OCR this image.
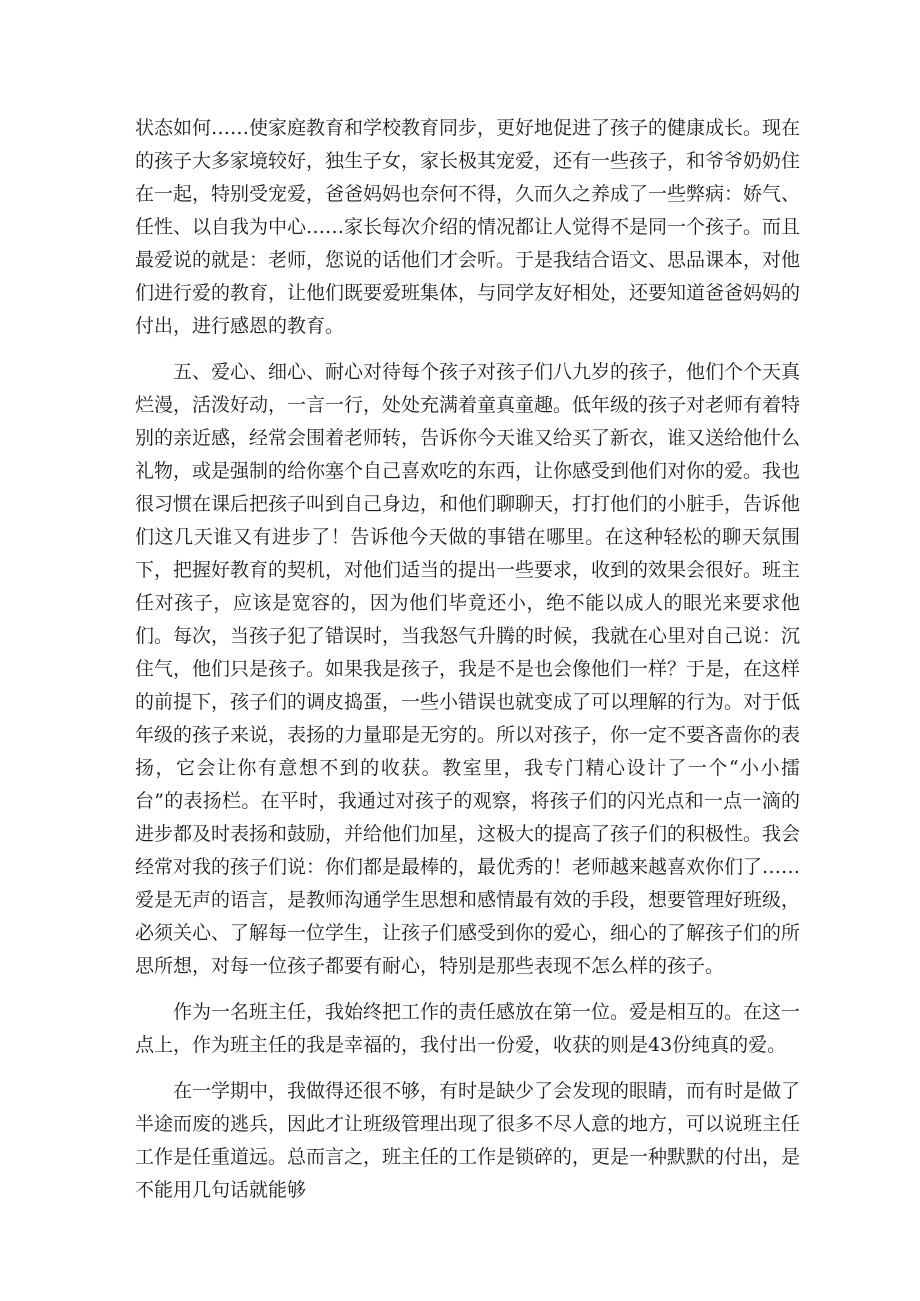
状态如何……使家庭教育和学校教育同步，更好地促进了孩子的健康成长。现在的孩子大多家境较好，独生子女，家长极其宠爱，还有一些孩子，和爷爷奶奶住在一起，特别受宠爱，爸爸妈妈也奈何不得，久而久之养成了一些弊病：娇气、任性、以自我为中心……家长每次介绍的情况都让人觉得不是同一个孩子。而且最爱说的就是：老师，您说的话他们才会听。于是我结合语文、思品课本，对他们进行爱的教育，让他们既要爱班集体，与同学友好相处，还要知道爸爸妈妈的付出，进行感恩的教育。

五、爱心、细心、耐心对待每个孩子对孩子们八九岁的孩子，他们个个天真烂漫，活泼好动，一言一行，处处充满着童真童趣。低年级的孩子对老师有着特别的亲近感，经常会围着老师转，告诉你今天谁又给买了新衣，谁又送给他什么礼物，或是强制的给你塞个自己喜欢吃的东西，让你感受到他们对你的爱。我也很习惯在课后把孩子叫到自己身边，和他们聊聊天，打打他们的小脏手，告诉他们这几天谁又有进步了！告诉他今天做的事错在哪里。在这种轻松的聊天氛围下，把握好教育的契机，对他们适当的提出一些要求，收到的效果会很好。班主任对孩子，应该是宽容的，因为他们毕竟还小，绝不能以成人的眼光来要求他们。每次，当孩子犯了错误时，当我怒气升腾的时候，我就在心里对自己说：沉住气，他们只是孩子。如果我是孩子，我是不是也会像他们一样？于是，在这样的前提下，孩子们的调皮捣蛋，一些小错误也就变成了可以理解的行为。对于低年级的孩子来说，表扬的力量耶是无穷的。所以对孩子，你一定不要吝啬你的表扬，它会让你有意想不到的收获。教室里，我专门精心设计了一个“小小擂台”的表扬栏。在平时，我通过对孩子的观察，将孩子们的闪光点和一点一滴的进步都及时表扬和鼓励，并给他们加星，这极大的提高了孩子们的积极性。我会经常对我的孩子们说：你们都是最棒的，最优秀的！老师越来越喜欢你们了……爱是无声的语言，是教师沟通学生思想和感情最有效的手段，想要管理好班级，必须关心、了解每一位学生，让孩子们感受到你的爱心，细心的了解孩子们的所思所想，对每一位孩子都要有耐心，特别是那些表现不怎么样的孩子。

作为一名班主任，我始终把工作的责任感放在第一位。爱是相互的。在这一点上，作为班主任的我是幸福的，我付出一份爱，收获的则是43份纯真的爱。

在一学期中，我做得还很不够，有时是缺少了会发现的眼睛，而有时是做了半途而废的逃兵，因此才让班级管理出现了很多不尽人意的地方，可以说班主任工作是任重道远。总而言之，班主任的工作是锁碎的，更是一种默默的付出，是不能用几句话就能够
